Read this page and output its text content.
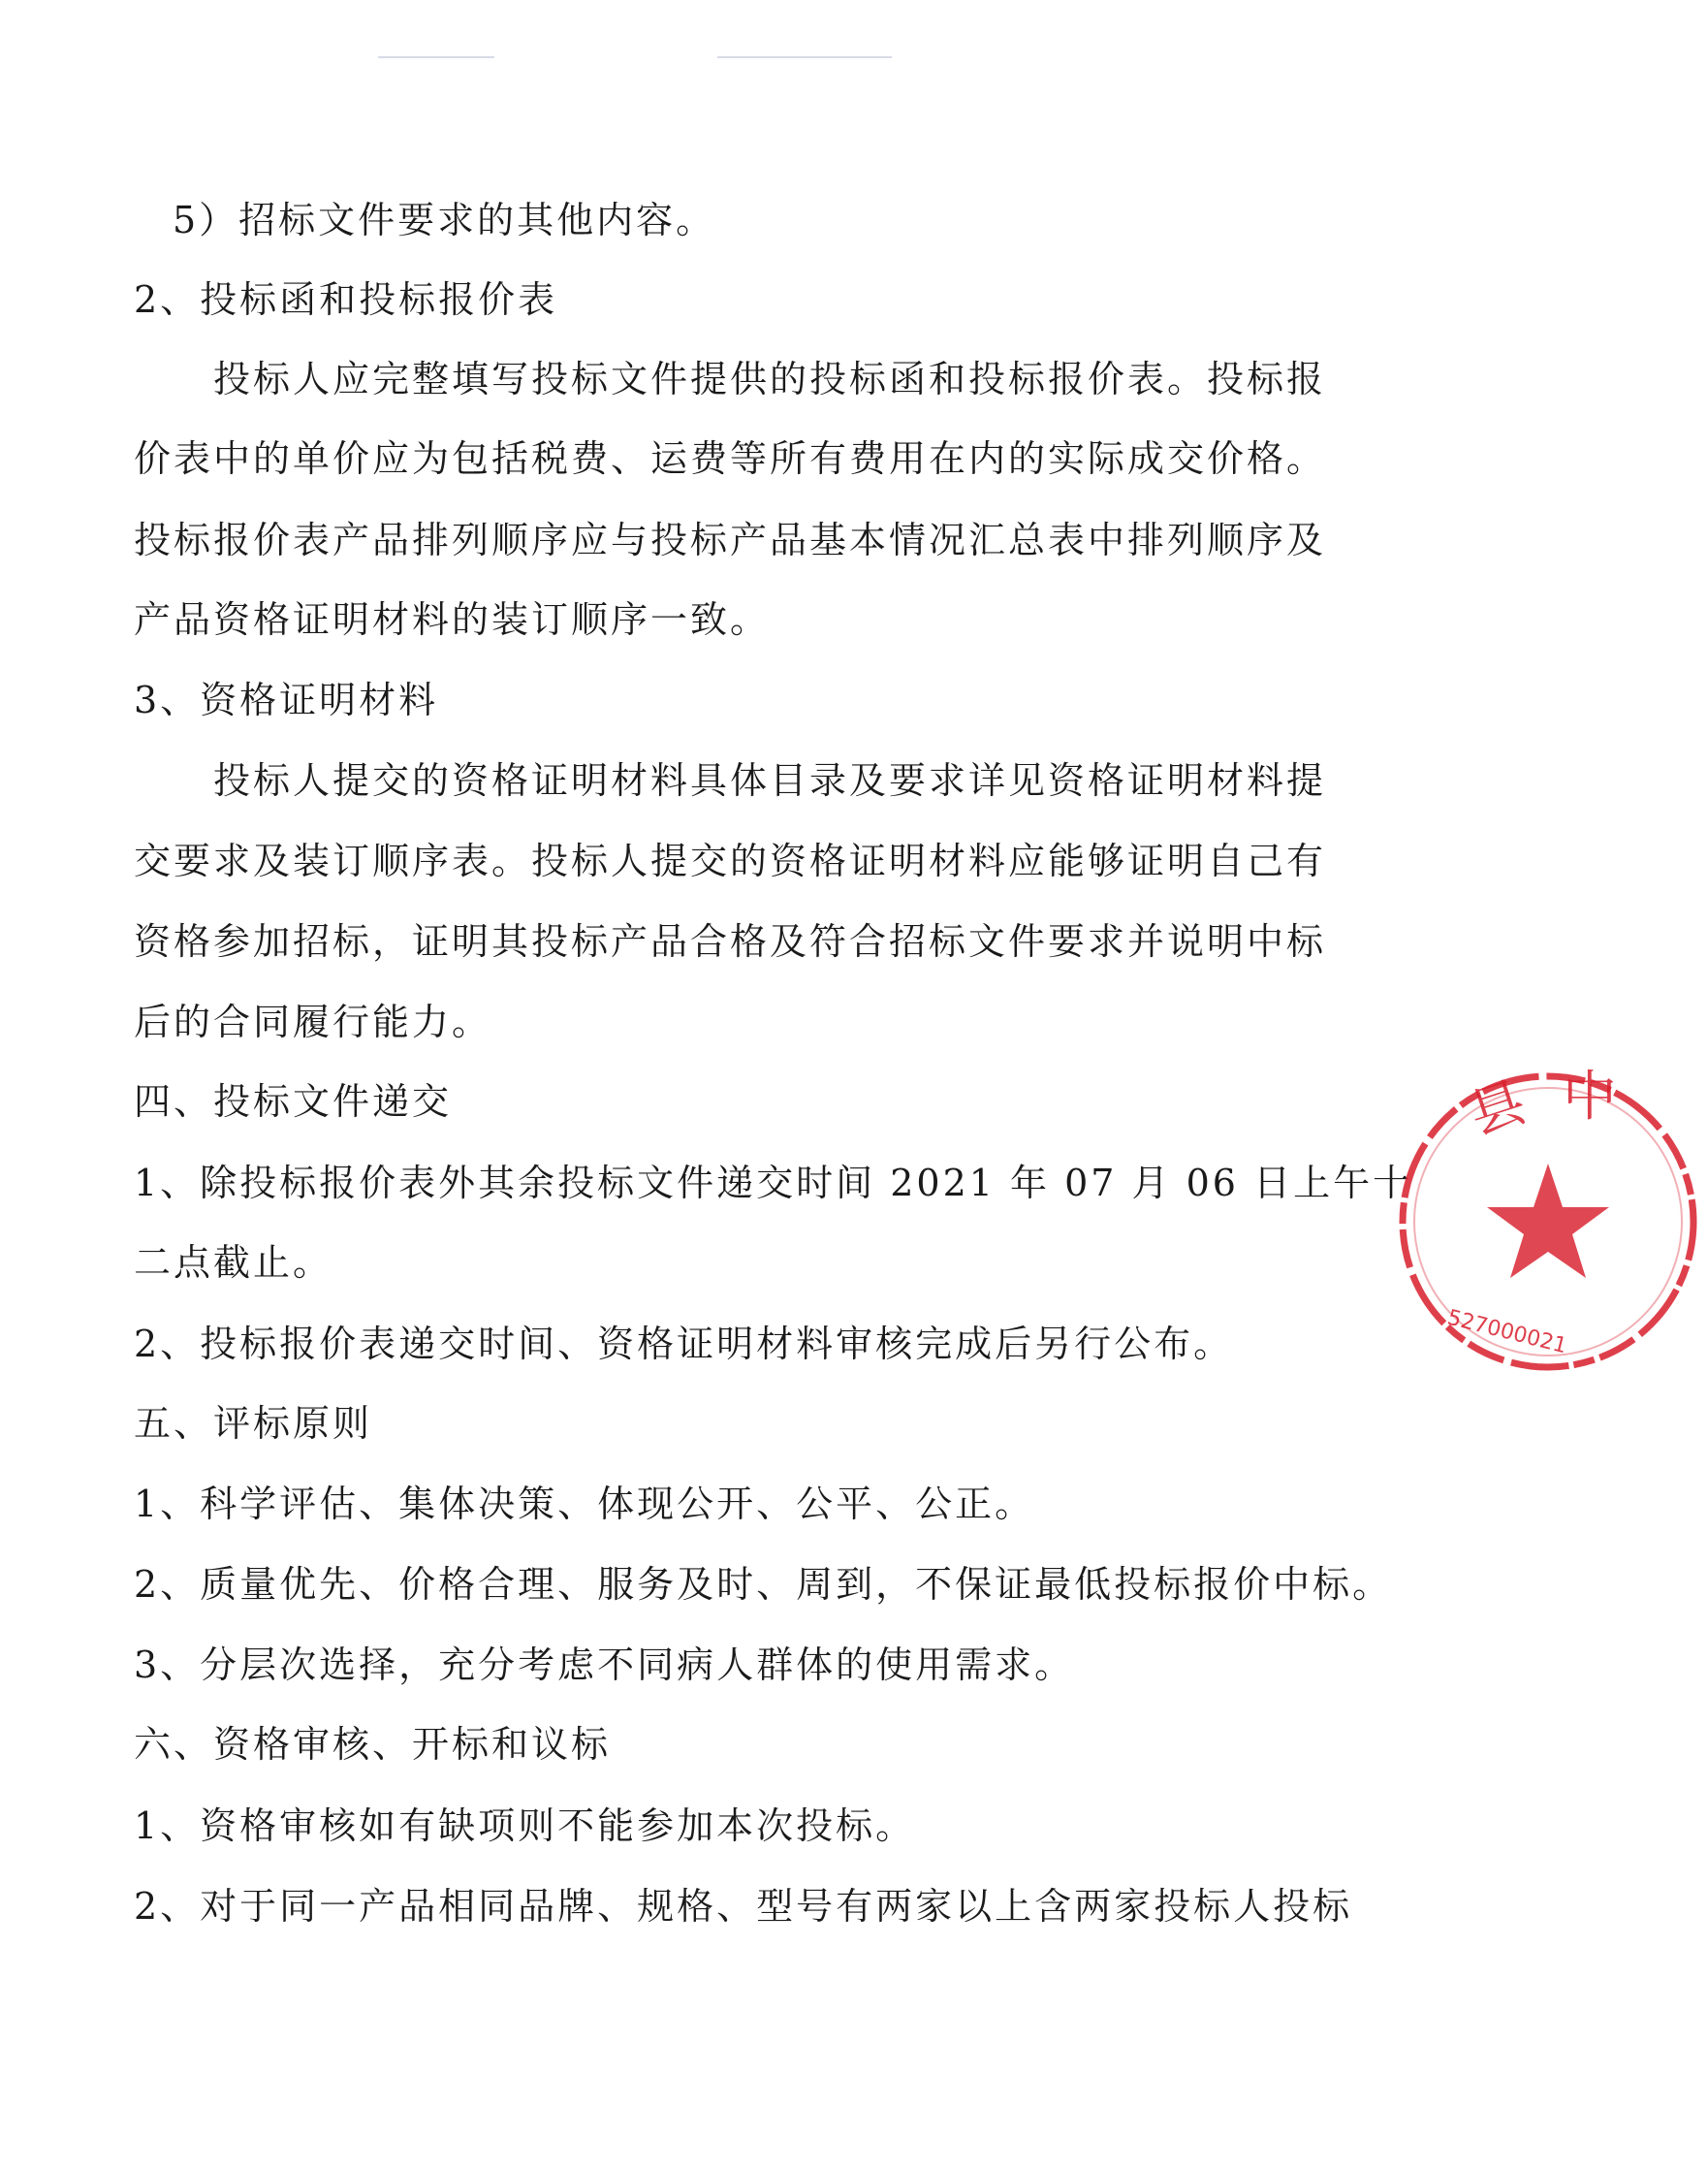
5）招标文件要求的其他内容。
2、投标函和投标报价表
投标人应完整填写投标文件提供的投标函和投标报价表。投标报
价表中的单价应为包括税费、运费等所有费用在内的实际成交价格。
投标报价表产品排列顺序应与投标产品基本情况汇总表中排列顺序及
产品资格证明材料的装订顺序一致。
3、资格证明材料
投标人提交的资格证明材料具体目录及要求详见资格证明材料提
交要求及装订顺序表。投标人提交的资格证明材料应能够证明自己有
资格参加招标，证明其投标产品合格及符合招标文件要求并说明中标
后的合同履行能力。
四、投标文件递交
1、除投标报价表外其余投标文件递交时间 2021 年 07 月 06 日上午十
二点截止。
2、投标报价表递交时间、资格证明材料审核完成后另行公布。
五、评标原则
1、科学评估、集体决策、体现公开、公平、公正。
2、质量优先、价格合理、服务及时、周到，不保证最低投标报价中标。
3、分层次选择，充分考虑不同病人群体的使用需求。
六、资格审核、开标和议标
1、资格审核如有缺项则不能参加本次投标。
2、对于同一产品相同品牌、规格、型号有两家以上含两家投标人投标
县 中
527000021
